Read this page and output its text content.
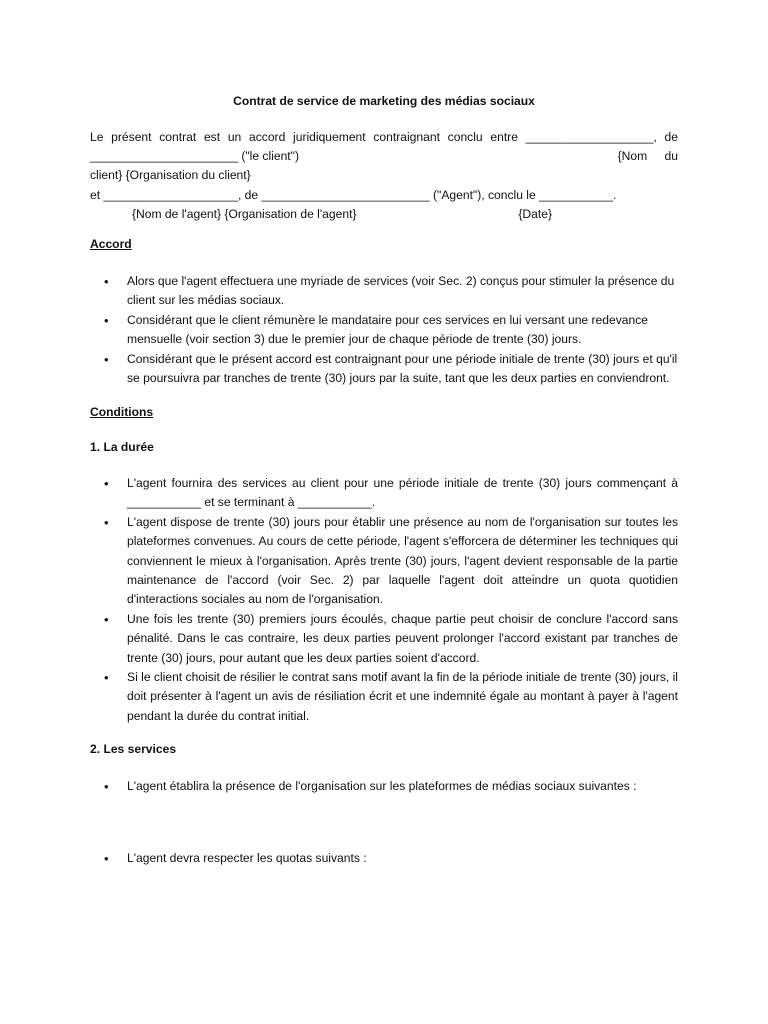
Contrat de service de marketing des médias sociaux
Le présent contrat est un accord juridiquement contraignant conclu entre ___________________, de
______________________ ("le client")	{Nom du
client} {Organisation du client}
et ____________________, de _________________________ ("Agent"), conclu le ___________.
{Nom de l'agent} {Organisation de l'agent}	{Date}
Accord
• Alors que l'agent effectuera une myriade de services (voir Sec. 2) conçus pour stimuler la présence du client sur les médias sociaux.
• Considérant que le client rémunère le mandataire pour ces services en lui versant une redevance mensuelle (voir section 3) due le premier jour de chaque période de trente (30) jours.
• Considérant que le présent accord est contraignant pour une période initiale de trente (30) jours et qu'il se poursuivra par tranches de trente (30) jours par la suite, tant que les deux parties en conviendront.
Conditions
1. La durée
• L'agent fournira des services au client pour une période initiale de trente (30) jours commençant à ___________ et se terminant à ___________.
• L'agent dispose de trente (30) jours pour établir une présence au nom de l'organisation sur toutes les plateformes convenues. Au cours de cette période, l'agent s'efforcera de déterminer les techniques qui conviennent le mieux à l'organisation. Après trente (30) jours, l'agent devient responsable de la partie maintenance de l'accord (voir Sec. 2) par laquelle l'agent doit atteindre un quota quotidien d'interactions sociales au nom de l'organisation.
• Une fois les trente (30) premiers jours écoulés, chaque partie peut choisir de conclure l'accord sans pénalité. Dans le cas contraire, les deux parties peuvent prolonger l'accord existant par tranches de trente (30) jours, pour autant que les deux parties soient d'accord.
• Si le client choisit de résilier le contrat sans motif avant la fin de la période initiale de trente (30) jours, il doit présenter à l'agent un avis de résiliation écrit et une indemnité égale au montant à payer à l'agent pendant la durée du contrat initial.
2. Les services
• L'agent établira la présence de l'organisation sur les plateformes de médias sociaux suivantes :
• L'agent devra respecter les quotas suivants :
